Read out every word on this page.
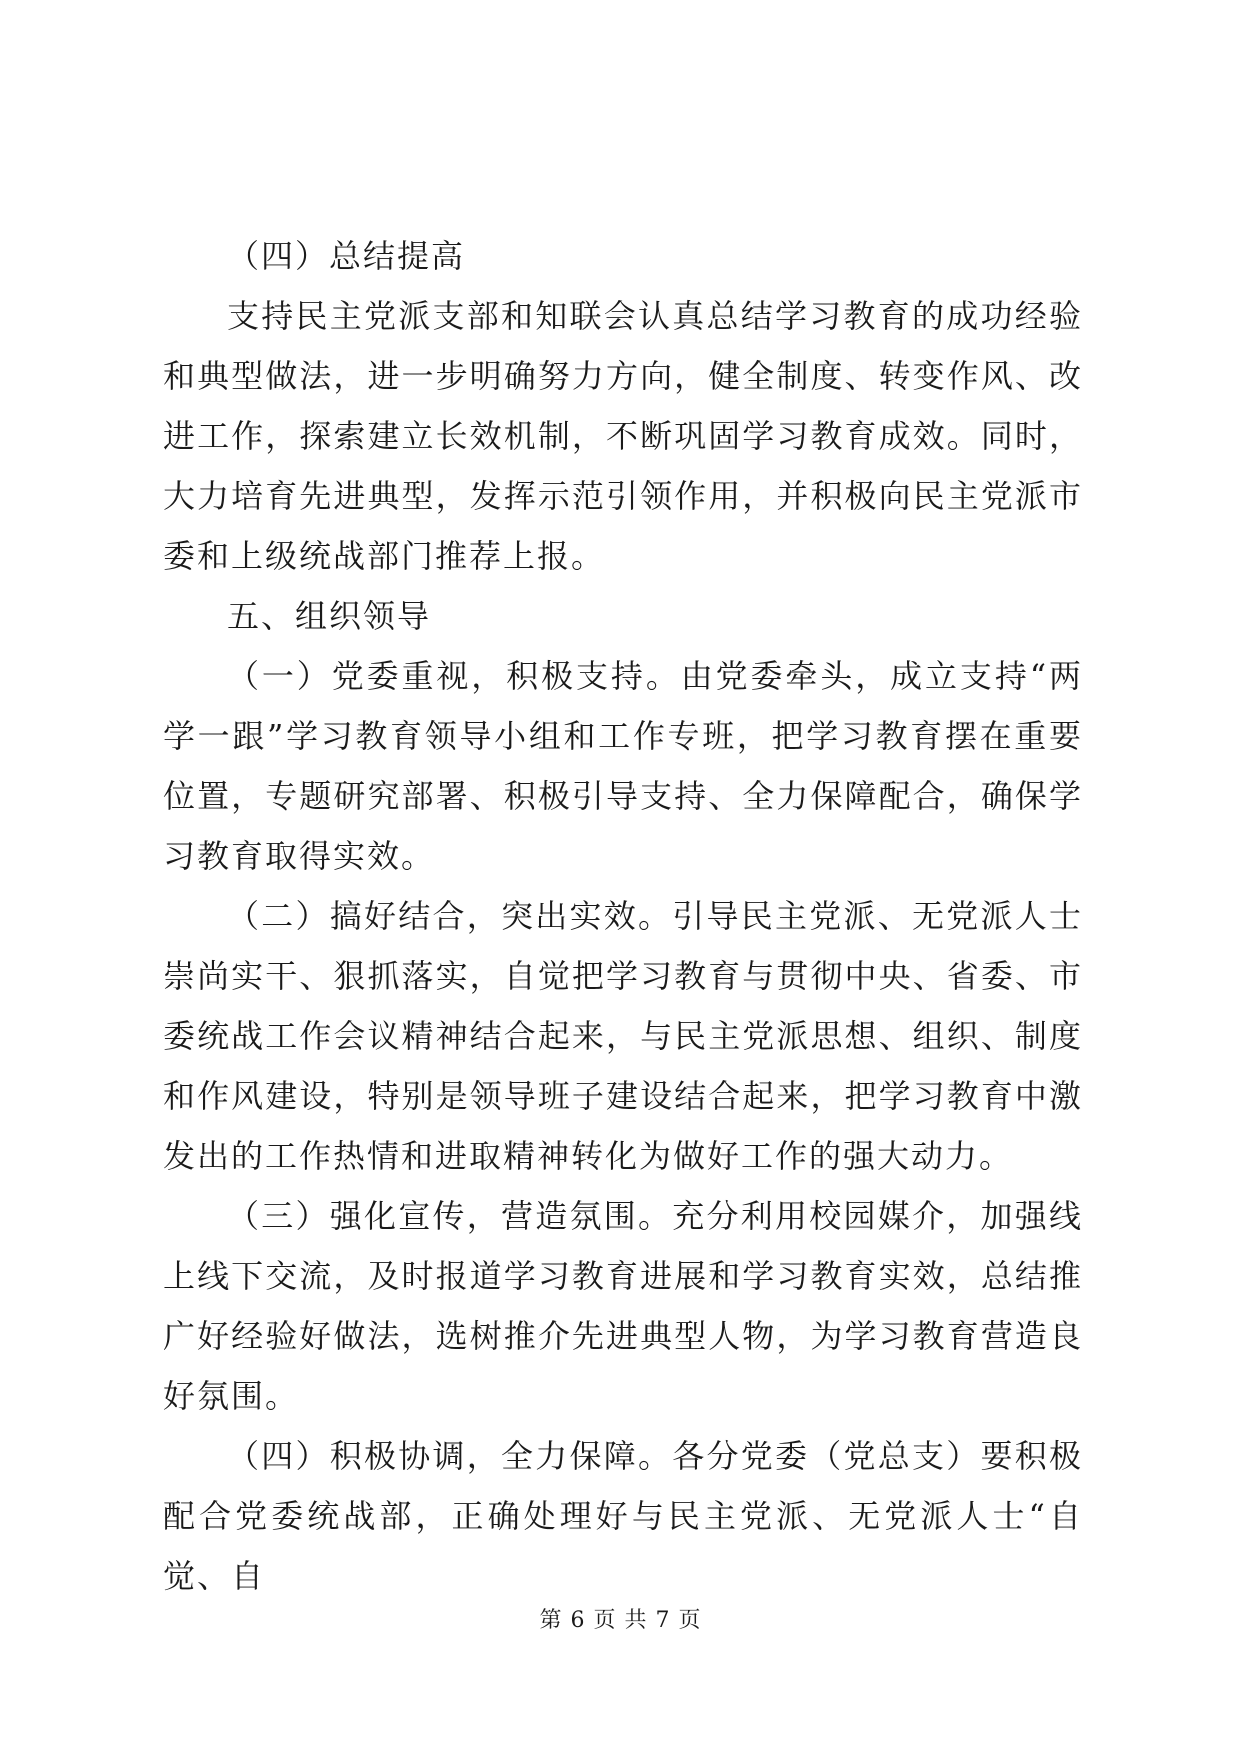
（四）总结提高

支持民主党派支部和知联会认真总结学习教育的成功经验和典型做法，进一步明确努力方向，健全制度、转变作风、改进工作，探索建立长效机制，不断巩固学习教育成效。同时，大力培育先进典型，发挥示范引领作用，并积极向民主党派市委和上级统战部门推荐上报。

五、组织领导

（一）党委重视，积极支持。由党委牵头，成立支持“两学一跟”学习教育领导小组和工作专班，把学习教育摆在重要位置，专题研究部署、积极引导支持、全力保障配合，确保学习教育取得实效。

（二）搞好结合，突出实效。引导民主党派、无党派人士崇尚实干、狠抓落实，自觉把学习教育与贯彻中央、省委、市委统战工作会议精神结合起来，与民主党派思想、组织、制度和作风建设，特别是领导班子建设结合起来，把学习教育中激发出的工作热情和进取精神转化为做好工作的强大动力。

（三）强化宣传，营造氛围。充分利用校园媒介，加强线上线下交流，及时报道学习教育进展和学习教育实效，总结推广好经验好做法，选树推介先进典型人物，为学习教育营造良好氛围。

（四）积极协调，全力保障。各分党委（党总支）要积极配合党委统战部，正确处理好与民主党派、无党派人士“自觉、自

第 6 页 共 7 页
